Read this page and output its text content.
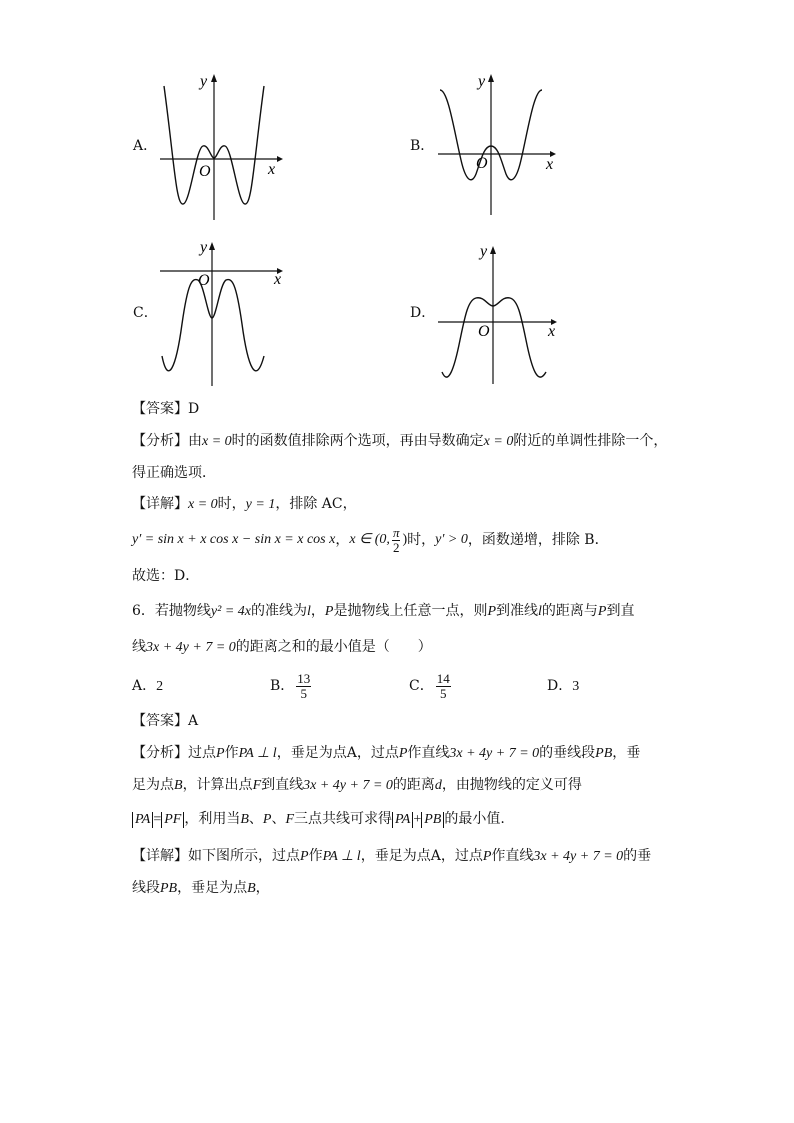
A．
y
x
O
B．
y
x
O
C．
y
x
O
D．
y
x
O
【答案】D
【分析】由x = 0时的函数值排除两个选项，再由导数确定x = 0附近的单调性排除一个，
得正确选项．
【详解】x = 0时，y = 1，排除 AC，
y′ = sin x + x cos x − sin x = x cos x ， x ∈ (0, $\frac{\pi}{2}$ ) 时， y′ > 0 ，函数递增，排除 B．
故选：D．
6．若抛物线y² = 4x的准线为l，P是抛物线上任意一点，则P到准线l的距离与P到直
线3x + 4y + 7 = 0的距离之和的最小值是（　　）
A．2	B． $\frac{13}{5}$	C． $\frac{14}{5}$	D．3
【答案】A
【分析】过点P作PA ⊥ l，垂足为点A，过点P作直线3x + 4y + 7 = 0的垂线段PB，垂
足为点B，计算出点F到直线3x + 4y + 7 = 0的距离d，由抛物线的定义可得
PA = PF ，利用当B、P、F三点共线可求得 PA + PB 的最小值.
【详解】如下图所示，过点P作PA ⊥ l，垂足为点A，过点P作直线3x + 4y + 7 = 0的垂
线段PB，垂足为点B，
